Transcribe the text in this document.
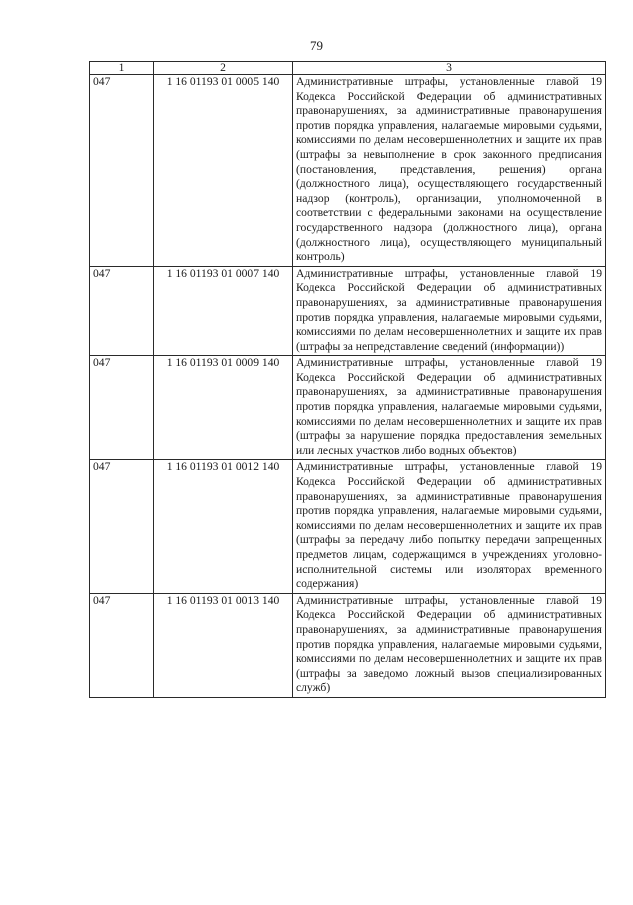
79
1	2	3
047	1 16 01193 01 0005 140	Административные штрафы, установленные главой 19 Кодекса Российской Федерации об административных правонарушениях, за административные правонарушения против порядка управления, налагаемые мировыми судьями, комиссиями по делам несовершеннолетних и защите их прав (штрафы за невыполнение в срок законного предписания (постановления, представления, решения) органа (должностного лица), осуществляющего государственный надзор (контроль), организации, уполномоченной в соответствии с федеральными законами на осуществление государственного надзора (должностного лица), органа (должностного лица), осуществляющего муниципальный контроль)
047	1 16 01193 01 0007 140	Административные штрафы, установленные главой 19 Кодекса Российской Федерации об административных правонарушениях, за административные правонарушения против порядка управления, налагаемые мировыми судьями, комиссиями по делам несовершеннолетних и защите их прав (штрафы за непредставление сведений (информации))
047	1 16 01193 01 0009 140	Административные штрафы, установленные главой 19 Кодекса Российской Федерации об административных правонарушениях, за административные правонарушения против порядка управления, налагаемые мировыми судьями, комиссиями по делам несовершеннолетних и защите их прав (штрафы за нарушение порядка предоставления земельных или лесных участков либо водных объектов)
047	1 16 01193 01 0012 140	Административные штрафы, установленные главой 19 Кодекса Российской Федерации об административных правонарушениях, за административные правонарушения против порядка управления, налагаемые мировыми судьями, комиссиями по делам несовершеннолетних и защите их прав (штрафы за передачу либо попытку передачи запрещенных предметов лицам, содержащимся в учреждениях уголовно-исполнительной системы или изоляторах временного содержания)
047	1 16 01193 01 0013 140	Административные штрафы, установленные главой 19 Кодекса Российской Федерации об административных правонарушениях, за административные правонарушения против порядка управления, налагаемые мировыми судьями, комиссиями по делам несовершеннолетних и защите их прав (штрафы за заведомо ложный вызов специализированных служб)
